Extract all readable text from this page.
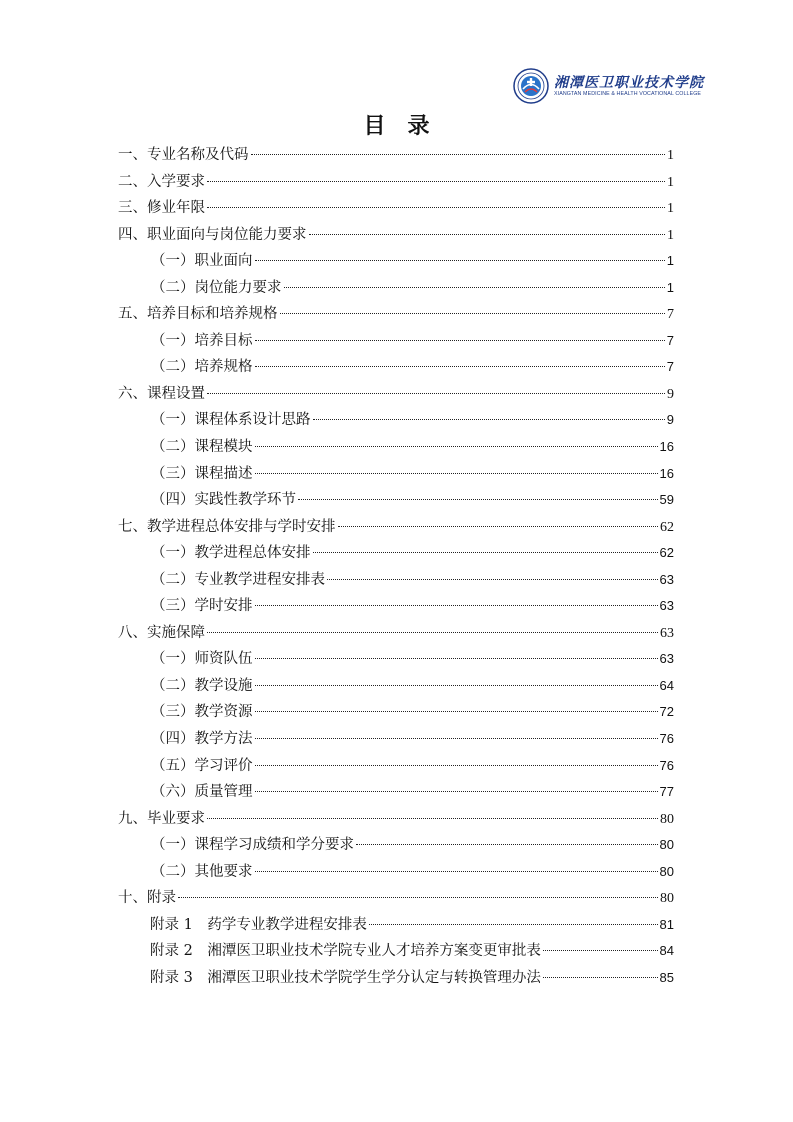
湘潭医卫职业技术学院
XIANGTAN MEDICINE & HEALTH VOCATIONAL COLLEGE
目录
一、专业名称及代码	1
二、入学要求	1
三、修业年限	1
四、职业面向与岗位能力要求	1
（一）职业面向	1
（二）岗位能力要求	1
五、培养目标和培养规格	7
（一）培养目标	7
（二）培养规格	7
六、课程设置	9
（一）课程体系设计思路	9
（二）课程模块	16
（三）课程描述	16
（四）实践性教学环节	59
七、教学进程总体安排与学时安排	62
（一）教学进程总体安排	62
（二）专业教学进程安排表	63
（三）学时安排	63
八、实施保障	63
（一）师资队伍	63
（二）教学设施	64
（三）教学资源	72
（四）教学方法	76
（五）学习评价	76
（六）质量管理	77
九、毕业要求	80
（一）课程学习成绩和学分要求	80
（二）其他要求	80
十、附录	80
附录 1　药学专业教学进程安排表	81
附录 2　湘潭医卫职业技术学院专业人才培养方案变更审批表	84
附录 3　湘潭医卫职业技术学院学生学分认定与转换管理办法	85
